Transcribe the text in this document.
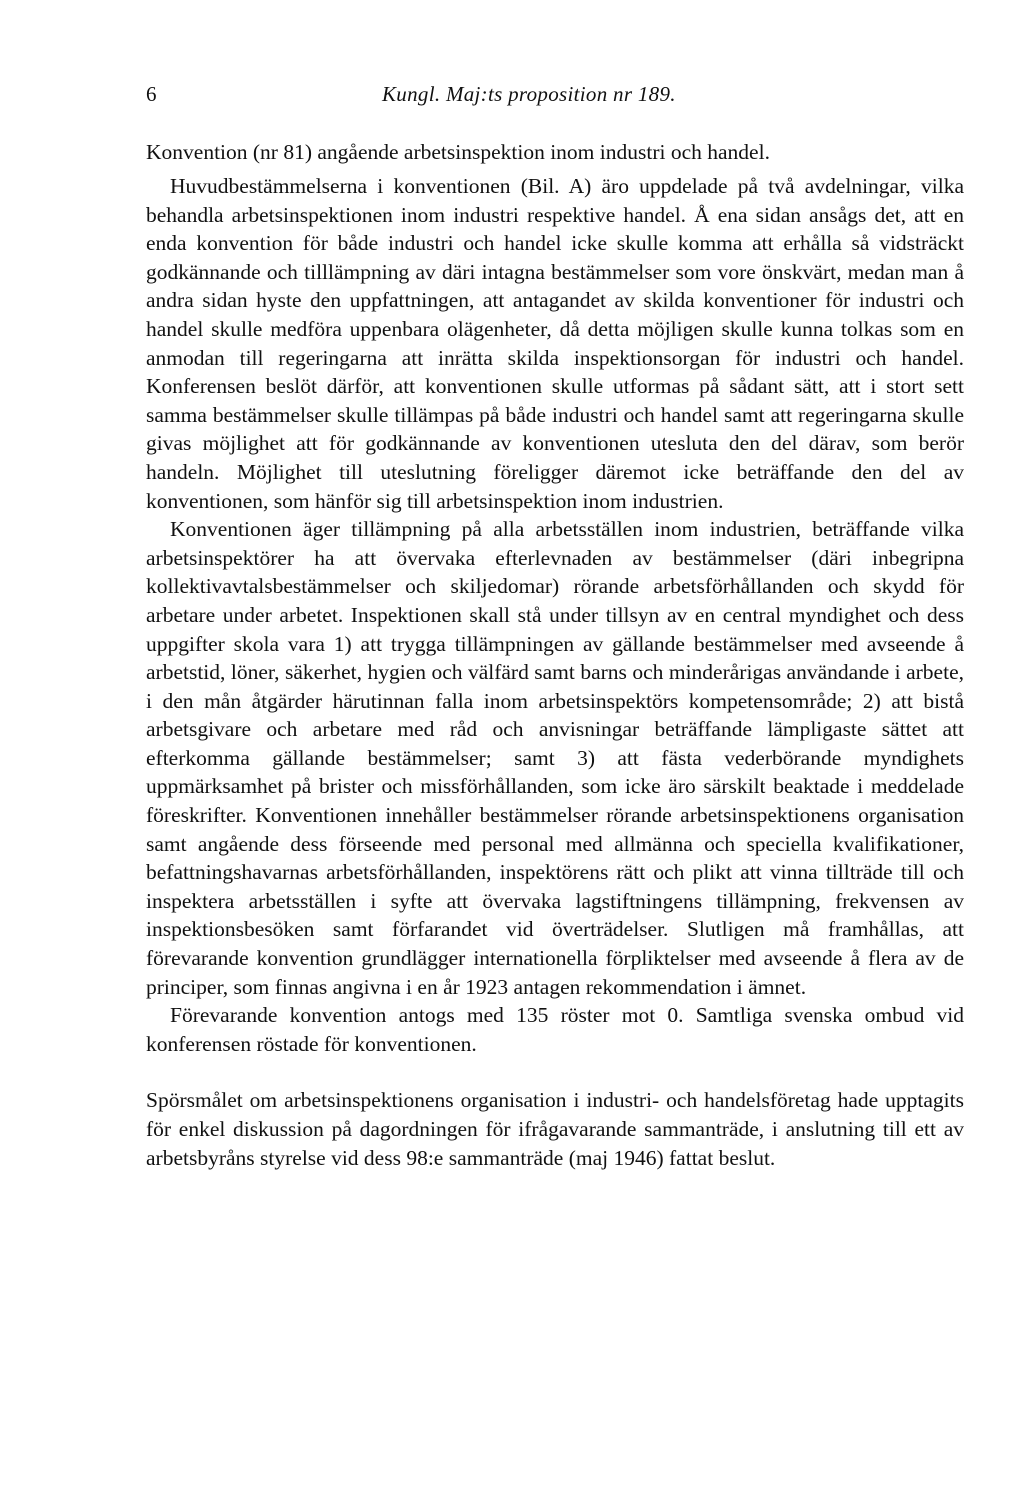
6	Kungl. Maj:ts proposition nr 189.
Konvention (nr 81) angående arbetsinspektion inom industri och handel.

Huvudbestämmelserna i konventionen (Bil. A) äro uppdelade på två avdelningar, vilka behandla arbetsinspektionen inom industri respektive handel. Å ena sidan ansågs det, att en enda konvention för både industri och handel icke skulle komma att erhålla så vidsträckt godkännande och tilllämpning av däri intagna bestämmelser som vore önskvärt, medan man å andra sidan hyste den uppfattningen, att antagandet av skilda konventioner för industri och handel skulle medföra uppenbara olägenheter, då detta möjligen skulle kunna tolkas som en anmodan till regeringarna att inrätta skilda inspektionsorgan för industri och handel. Konferensen beslöt därför, att konventionen skulle utformas på sådant sätt, att i stort sett samma bestämmelser skulle tillämpas på både industri och handel samt att regeringarna skulle givas möjlighet att för godkännande av konventionen utesluta den del därav, som berör handeln. Möjlighet till uteslutning föreligger däremot icke beträffande den del av konventionen, som hänför sig till arbetsinspektion inom industrien.

Konventionen äger tillämpning på alla arbetsställen inom industrien, beträffande vilka arbetsinspektörer ha att övervaka efterlevnaden av bestämmelser (däri inbegripna kollektivavtalsbestämmelser och skiljedomar) rörande arbetsförhållanden och skydd för arbetare under arbetet. Inspektionen skall stå under tillsyn av en central myndighet och dess uppgifter skola vara 1) att trygga tillämpningen av gällande bestämmelser med avseende å arbetstid, löner, säkerhet, hygien och välfärd samt barns och minderårigas användande i arbete, i den mån åtgärder härutinnan falla inom arbetsinspektörs kompetensområde; 2) att bistå arbetsgivare och arbetare med råd och anvisningar beträffande lämpligaste sättet att efterkomma gällande bestämmelser; samt 3) att fästa vederbörande myndighets uppmärksamhet på brister och missförhållanden, som icke äro särskilt beaktade i meddelade föreskrifter. Konventionen innehåller bestämmelser rörande arbetsinspektionens organisation samt angående dess förseende med personal med allmänna och speciella kvalifikationer, befattningshavarnas arbetsförhållanden, inspektörens rätt och plikt att vinna tillträde till och inspektera arbetsställen i syfte att övervaka lagstiftningens tillämpning, frekvensen av inspektionsbesöken samt förfarandet vid överträdelser. Slutligen må framhållas, att förevarande konvention grundlägger internationella förpliktelser med avseende å flera av de principer, som finnas angivna i en år 1923 antagen rekommendation i ämnet.

Förevarande konvention antogs med 135 röster mot 0. Samtliga svenska ombud vid konferensen röstade för konventionen.

Spörsmålet om arbetsinspektionens organisation i industri- och handelsföretag hade upptagits för enkel diskussion på dagordningen för ifrågavarande sammanträde, i anslutning till ett av arbetsbyråns styrelse vid dess 98:e sammanträde (maj 1946) fattat beslut.
